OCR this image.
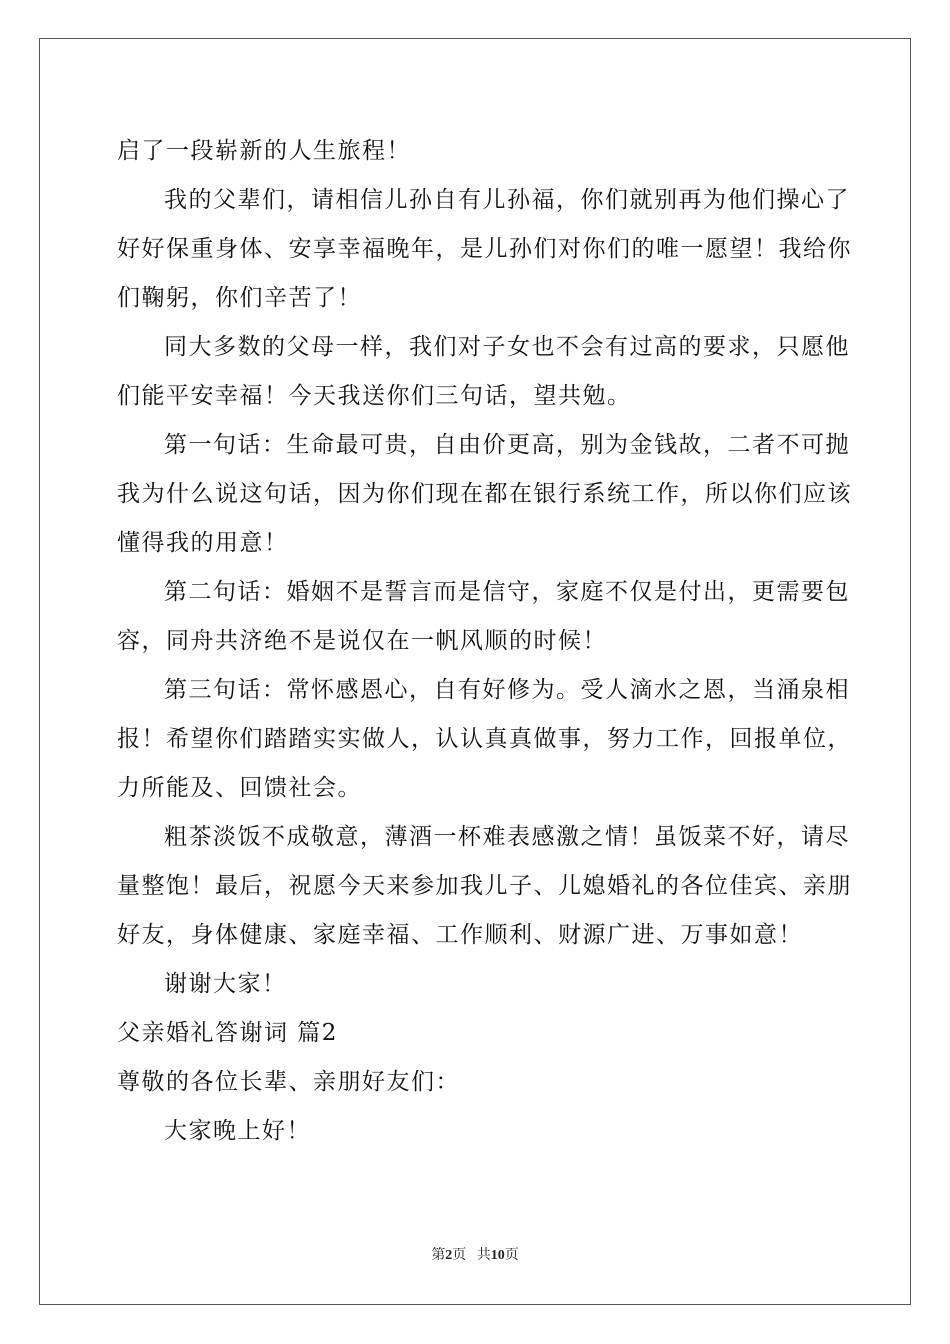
启了一段崭新的人生旅程！
我的父辈们，请相信儿孙自有儿孙福，你们就别再为他们操心了
好好保重身体、安享幸福晚年，是儿孙们对你们的唯一愿望！我给你
们鞠躬，你们辛苦了！
同大多数的父母一样，我们对子女也不会有过高的要求，只愿他
们能平安幸福！今天我送你们三句话，望共勉。
第一句话：生命最可贵，自由价更高，别为金钱故，二者不可抛
我为什么说这句话，因为你们现在都在银行系统工作，所以你们应该
懂得我的用意！
第二句话：婚姻不是誓言而是信守，家庭不仅是付出，更需要包
容，同舟共济绝不是说仅在一帆风顺的时候！
第三句话：常怀感恩心，自有好修为。受人滴水之恩，当涌泉相
报！希望你们踏踏实实做人，认认真真做事，努力工作，回报单位，
力所能及、回馈社会。
粗茶淡饭不成敬意，薄酒一杯难表感激之情！虽饭菜不好，请尽
量整饱！最后，祝愿今天来参加我儿子、儿媳婚礼的各位佳宾、亲朋
好友，身体健康、家庭幸福、工作顺利、财源广进、万事如意！
谢谢大家！
父亲婚礼答谢词 篇2
尊敬的各位长辈、亲朋好友们：
大家晚上好！
第2页 共10页
